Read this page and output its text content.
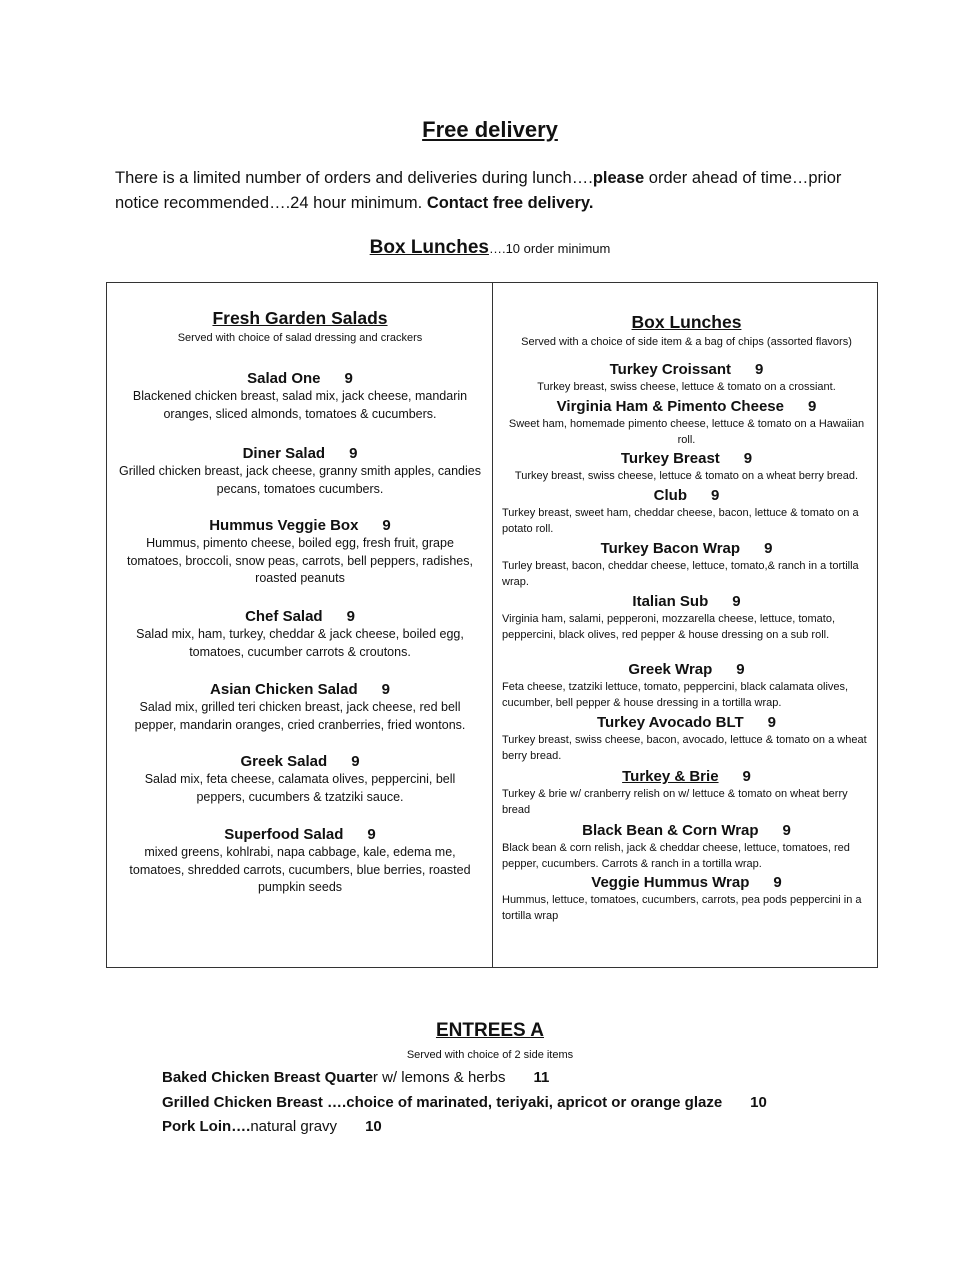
Free delivery
There is a limited number of orders and deliveries during lunch….please order ahead of time…prior notice recommended….24 hour minimum. Contact free delivery.
Box Lunches….10 order minimum
Fresh Garden Salads
Served with choice of salad dressing and crackers
Salad One 9
Blackened chicken breast, salad mix, jack cheese, mandarin oranges, sliced almonds, tomatoes & cucumbers.
Diner Salad 9
Grilled chicken breast, jack cheese, granny smith apples, candies pecans, tomatoes cucumbers.
Hummus Veggie Box 9
Hummus, pimento cheese, boiled egg, fresh fruit, grape tomatoes, broccoli, snow peas, carrots, bell peppers, radishes, roasted peanuts
Chef Salad 9
Salad mix, ham, turkey, cheddar & jack cheese, boiled egg, tomatoes, cucumber carrots & croutons.
Asian Chicken Salad 9
Salad mix, grilled teri chicken breast, jack cheese, red bell pepper, mandarin oranges, cried cranberries, fried wontons.
Greek Salad 9
Salad mix, feta cheese, calamata olives, peppercini, bell peppers, cucumbers & tzatziki sauce.
Superfood Salad 9
mixed greens, kohlrabi, napa cabbage, kale, edema me, tomatoes, shredded carrots, cucumbers, blue berries, roasted pumpkin seeds
Box Lunches
Served with a choice of side item & a bag of chips (assorted flavors)
Turkey Croissant 9
Turkey breast, swiss cheese, lettuce & tomato on a crossiant.
Virginia Ham & Pimento Cheese 9
Sweet ham, homemade pimento cheese, lettuce & tomato on a Hawaiian roll.
Turkey Breast 9
Turkey breast, swiss cheese, lettuce & tomato on a wheat berry bread.
Club 9
Turkey breast, sweet ham, cheddar cheese, bacon, lettuce & tomato on a potato roll.
Turkey Bacon Wrap 9
Turley breast, bacon, cheddar cheese, lettuce, tomato,& ranch in a tortilla wrap.
Italian Sub 9
Virginia ham, salami, pepperoni, mozzarella cheese, lettuce, tomato, peppercini, black olives, red pepper & house dressing on a sub roll.
Greek Wrap 9
Feta cheese, tzatziki lettuce, tomato, peppercini, black calamata olives, cucumber, bell pepper & house dressing in a tortilla wrap.
Turkey Avocado BLT 9
Turkey breast, swiss cheese, bacon, avocado, lettuce & tomato on a wheat berry bread.
Turkey & Brie 9
Turkey & brie w/ cranberry relish on w/ lettuce & tomato on wheat berry bread
Black Bean & Corn Wrap 9
Black bean & corn relish, jack & cheddar cheese, lettuce, tomatoes, red pepper, cucumbers. Carrots & ranch in a tortilla wrap.
Veggie Hummus Wrap 9
Hummus, lettuce, tomatoes, cucumbers, carrots, pea pods peppercini in a tortilla wrap
ENTREES A
Served with choice of 2 side items
Baked Chicken Breast Quarter w/ lemons & herbs 11
Grilled Chicken Breast ….choice of marinated, teriyaki, apricot or orange glaze 10
Pork Loin….natural gravy 10
